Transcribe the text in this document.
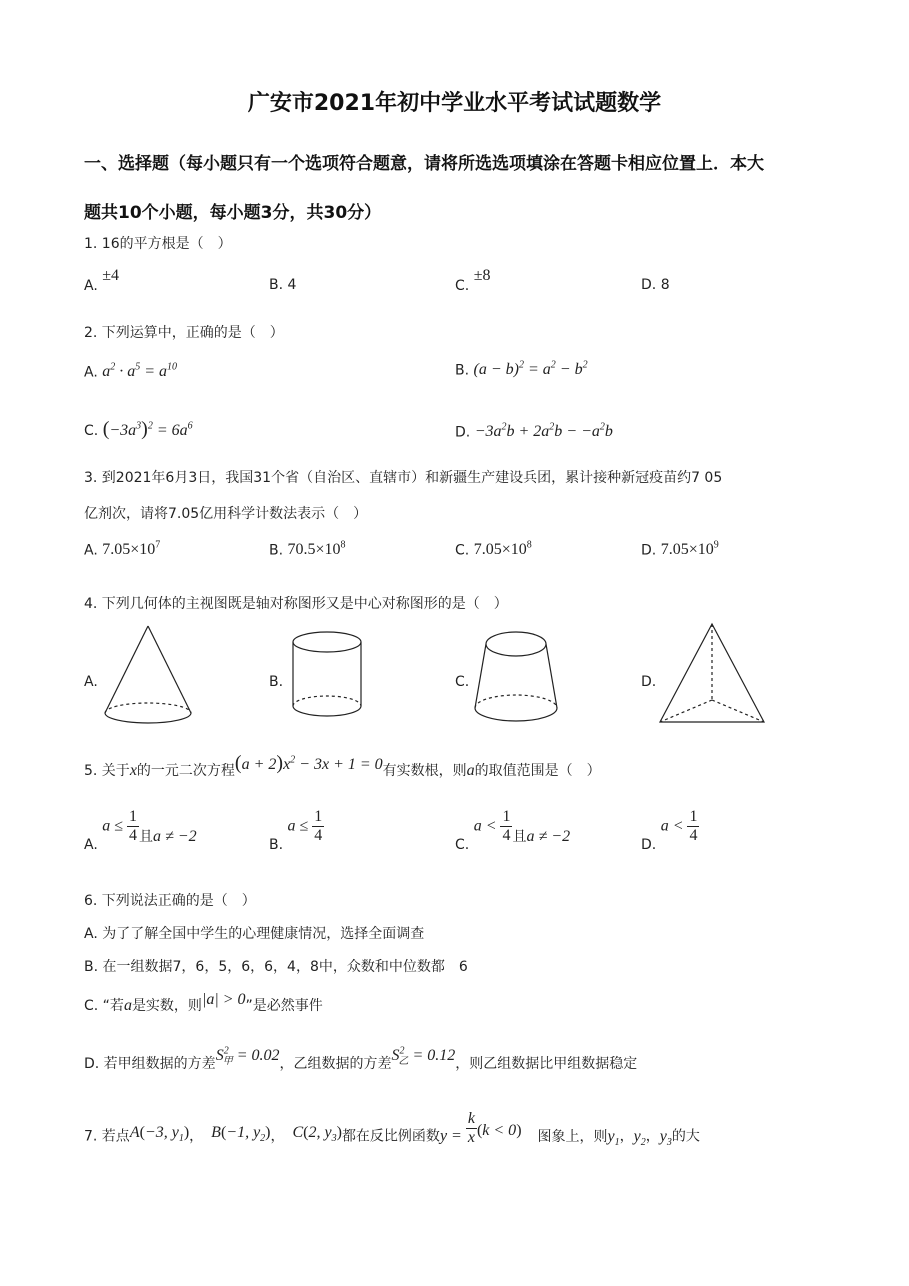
广安市2021年初中学业水平考试试题数学
一、选择题（每小题只有一个选项符合题意，请将所选选项填涂在答题卡相应位置上．本大
题共10个小题，每小题3分，共30分）
1. 16的平方根是（　）
A. ±4
B. 4	C. ±8
D. 8
2. 下列运算中，正确的是（　）
A. $a^2 \cdot a^5 = a^{10}$	B. $(a - b)^2 = a^2 - b^2$
C. $(-3a^3)^2 = 6a^6$	D. $-3a^2b + 2a^2b - -a^2b$
3. 到2021年6月3日，我国31个省（自治区、直辖市）和新疆生产建设兵团，累计接种新冠疫苗约7 05
亿剂次，请将7.05亿用科学计数法表示（　）
A. $7.05\times 10^7$	B. $70.5\times 10^8$	C. $7.05\times 10^8$	D. $7.05\times 10^9$
4. 下列几何体的主视图既是轴对称图形又是中心对称图形的是（　）
A.	B.	C.	D.
5. 关于x的一元二次方程$(a + 2)x^2 - 3x + 1 = 0$有实数根，则a的取值范围是（　）
A. $a \le \frac{1}{4}$ 且a ≠ −2	B. $a \le \frac{1}{4}$	C. $a < \frac{1}{4}$ 且a ≠ −2	D. $a < \frac{1}{4}$
6. 下列说法正确的是（　）
A. 为了了解全国中学生的心理健康情况，选择全面调查
B. 在一组数据7，6，5，6，6，4，8中，众数和中位数都　6
C. “若a是实数，则|a| > 0”是必然事件
D. 若甲组数据的方差$S^2_甲 = 0.02$，乙组数据的方差$S^2_乙 = 0.12$，则乙组数据比甲组数据稳定
7. 若点A(−3, $y_1$)， B(−1, $y_2$)， C(2, $y_3$)都在反比例函数$y = \frac{k}{x} (k < 0)$ 图象上，则$y_1$，$y_2$，$y_3$的大
